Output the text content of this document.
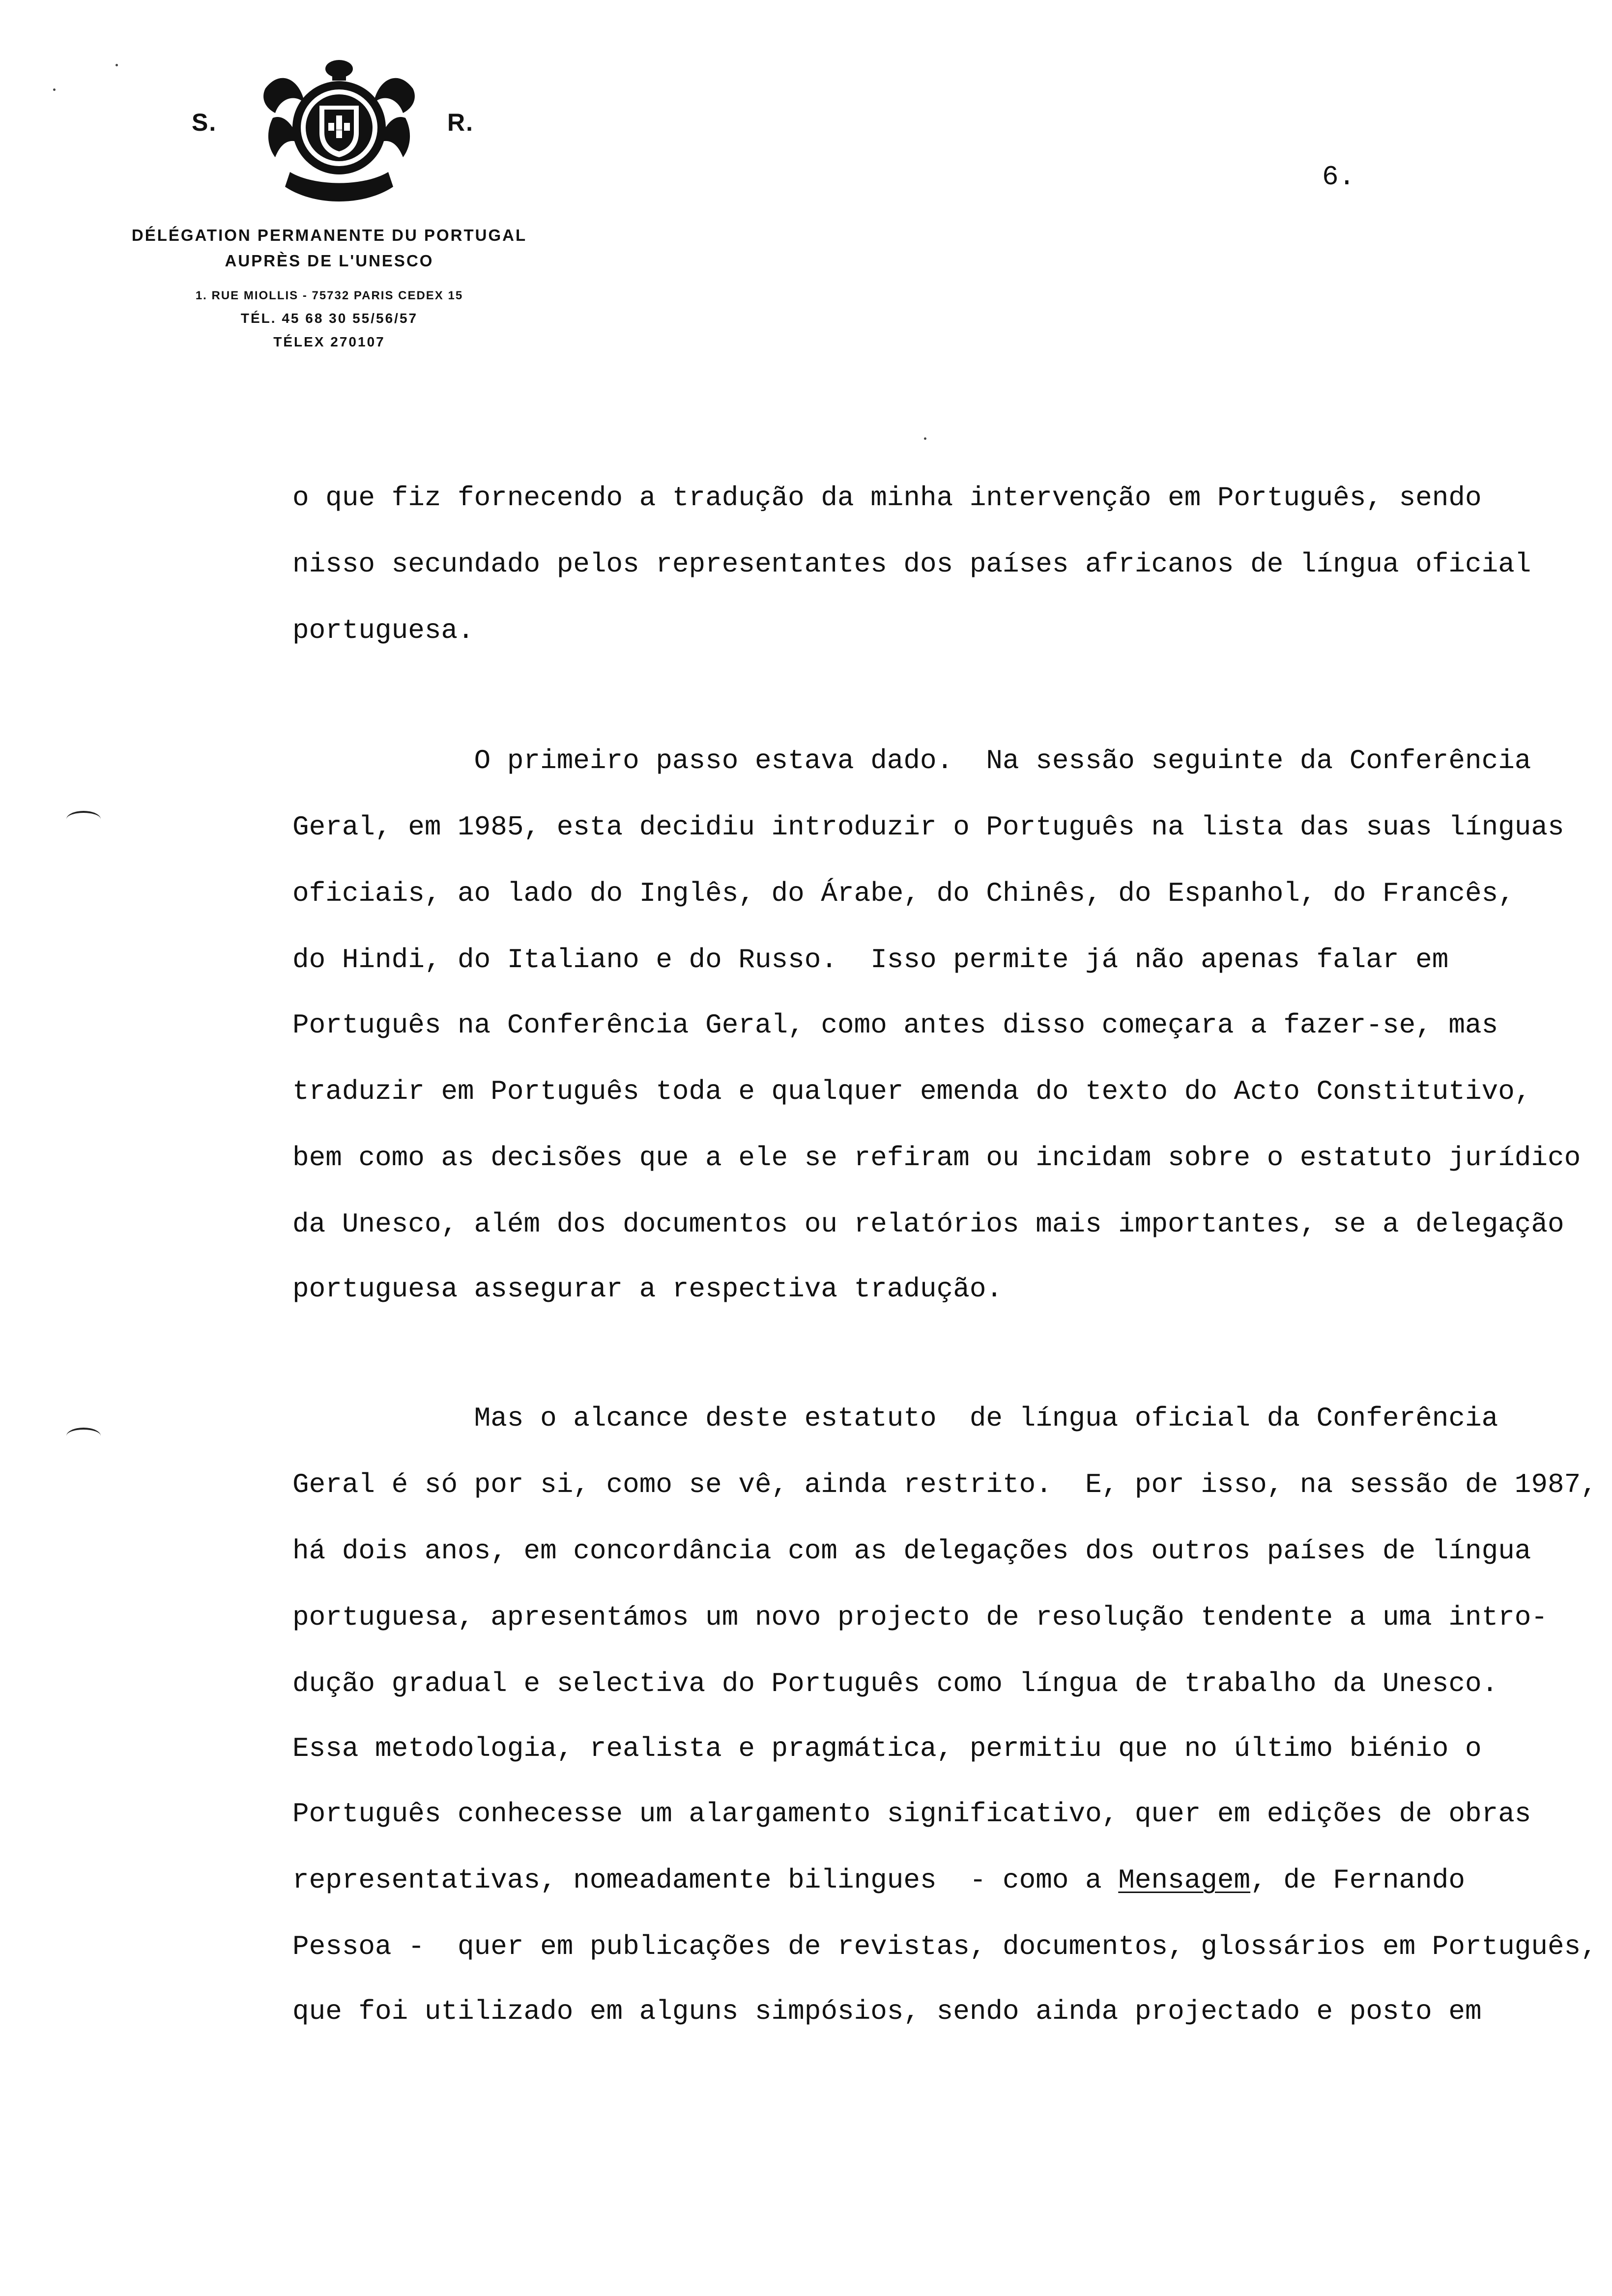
S.	R.
DÉLÉGATION PERMANENTE DU PORTUGAL
AUPRÈS DE L'UNESCO
1. RUE MIOLLIS - 75732 PARIS CEDEX 15
TÉL. 45 68 30 55/56/57
TÉLEX 270107
6.
o que fiz fornecendo a tradução da minha intervenção em Português, sendo
nisso secundado pelos representantes dos países africanos de língua oficial
portuguesa.
O primeiro passo estava dado.  Na sessão seguinte da Conferência
Geral, em 1985, esta decidiu introduzir o Português na lista das suas línguas
oficiais, ao lado do Inglês, do Árabe, do Chinês, do Espanhol, do Francês,
do Hindi, do Italiano e do Russo.  Isso permite já não apenas falar em
Português na Conferência Geral, como antes disso começara a fazer-se, mas
traduzir em Português toda e qualquer emenda do texto do Acto Constitutivo,
bem como as decisões que a ele se refiram ou incidam sobre o estatuto jurídico
da Unesco, além dos documentos ou relatórios mais importantes, se a delegação
portuguesa assegurar a respectiva tradução.
Mas o alcance deste estatuto  de língua oficial da Conferência
Geral é só por si, como se vê, ainda restrito.  E, por isso, na sessão de 1987,
há dois anos, em concordância com as delegações dos outros países de língua
portuguesa, apresentámos um novo projecto de resolução tendente a uma intro-
dução gradual e selectiva do Português como língua de trabalho da Unesco.
Essa metodologia, realista e pragmática, permitiu que no último biénio o
Português conhecesse um alargamento significativo, quer em edições de obras
representativas, nomeadamente bilingues  - como a Mensagem, de Fernando
Pessoa -  quer em publicações de revistas, documentos, glossários em Português,
que foi utilizado em alguns simpósios, sendo ainda projectado e posto em
